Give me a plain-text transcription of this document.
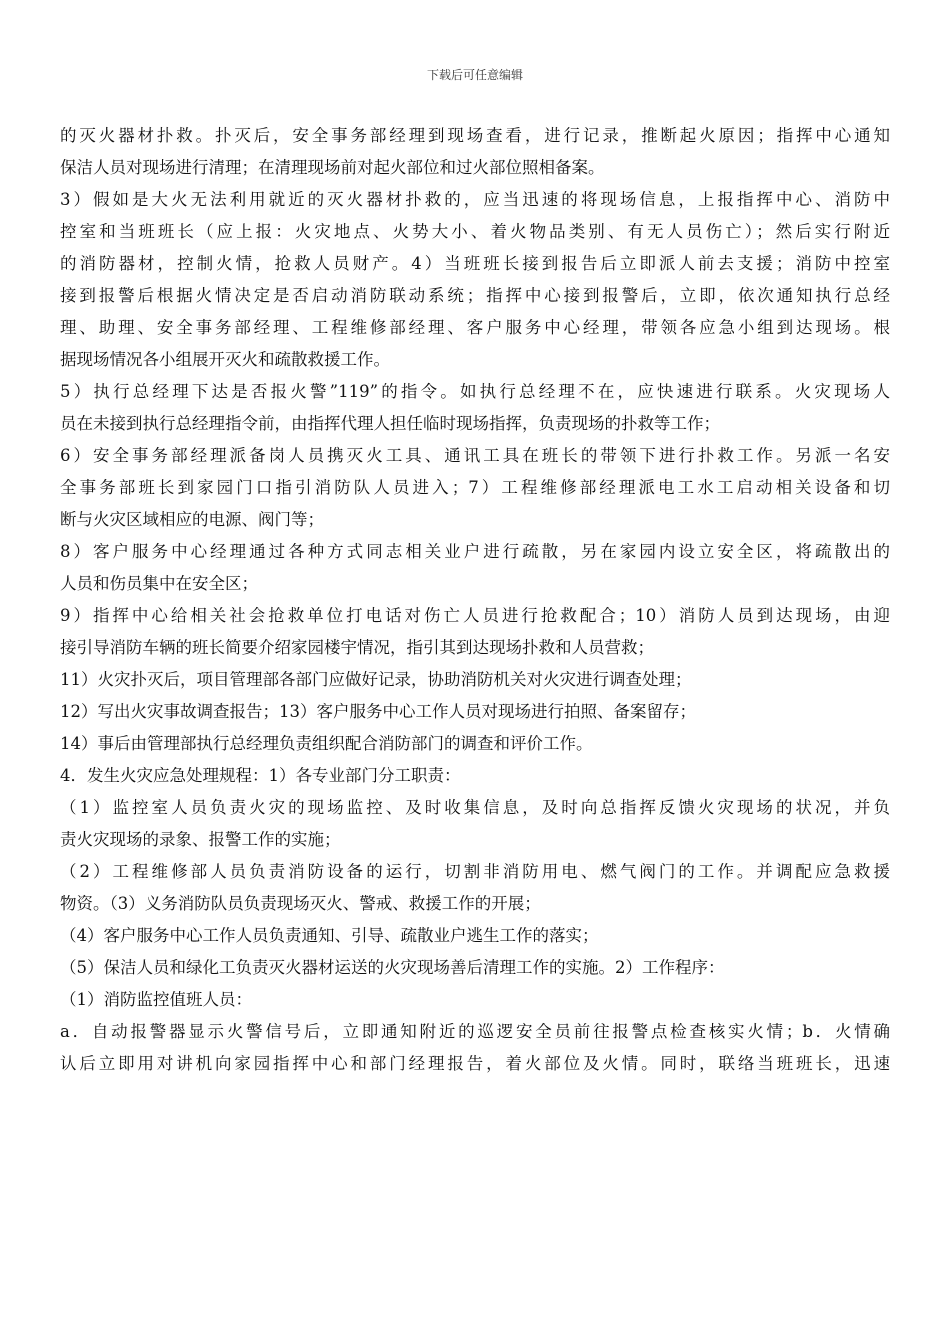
下载后可任意编辑
的灭火器材扑救。扑灭后，安全事务部经理到现场查看，进行记录，推断起火原因；指挥中心通知
保洁人员对现场进行清理；在清理现场前对起火部位和过火部位照相备案。
3）假如是大火无法利用就近的灭火器材扑救的，应当迅速的将现场信息，上报指挥中心、消防中
控室和当班班长（应上报：火灾地点、火势大小、着火物品类别、有无人员伤亡）；然后实行附近
的消防器材，控制火情，抢救人员财产。4）当班班长接到报告后立即派人前去支援；消防中控室
接到报警后根据火情决定是否启动消防联动系统；指挥中心接到报警后，立即，依次通知执行总经
理、助理、安全事务部经理、工程维修部经理、客户服务中心经理，带领各应急小组到达现场。根
据现场情况各小组展开灭火和疏散救援工作。
5）执行总经理下达是否报火警”119”的指令。如执行总经理不在，应快速进行联系。火灾现场人
员在未接到执行总经理指令前，由指挥代理人担任临时现场指挥，负责现场的扑救等工作；
6）安全事务部经理派备岗人员携灭火工具、通讯工具在班长的带领下进行扑救工作。另派一名安
全事务部班长到家园门口指引消防队人员进入；7）工程维修部经理派电工水工启动相关设备和切
断与火灾区域相应的电源、阀门等；
8）客户服务中心经理通过各种方式同志相关业户进行疏散，另在家园内设立安全区，将疏散出的
人员和伤员集中在安全区；
9）指挥中心给相关社会抢救单位打电话对伤亡人员进行抢救配合；10）消防人员到达现场，由迎
接引导消防车辆的班长简要介绍家园楼宇情况，指引其到达现场扑救和人员营救；
11）火灾扑灭后，项目管理部各部门应做好记录，协助消防机关对火灾进行调查处理；
12）写出火灾事故调查报告；13）客户服务中心工作人员对现场进行拍照、备案留存；
14）事后由管理部执行总经理负责组织配合消防部门的调查和评价工作。
4．发生火灾应急处理规程：1）各专业部门分工职责：
（1）监控室人员负责火灾的现场监控、及时收集信息，及时向总指挥反馈火灾现场的状况，并负
责火灾现场的录象、报警工作的实施；
（2）工程维修部人员负责消防设备的运行，切割非消防用电、燃气阀门的工作。并调配应急救援
物资。（3）义务消防队员负责现场灭火、警戒、救援工作的开展；
（4）客户服务中心工作人员负责通知、引导、疏散业户逃生工作的落实；
（5）保洁人员和绿化工负责灭火器材运送的火灾现场善后清理工作的实施。2）工作程序：
（1）消防监控值班人员：
a．自动报警器显示火警信号后，立即通知附近的巡逻安全员前往报警点检查核实火情；b．火情确
认后立即用对讲机向家园指挥中心和部门经理报告，着火部位及火情。同时，联络当班班长，迅速
